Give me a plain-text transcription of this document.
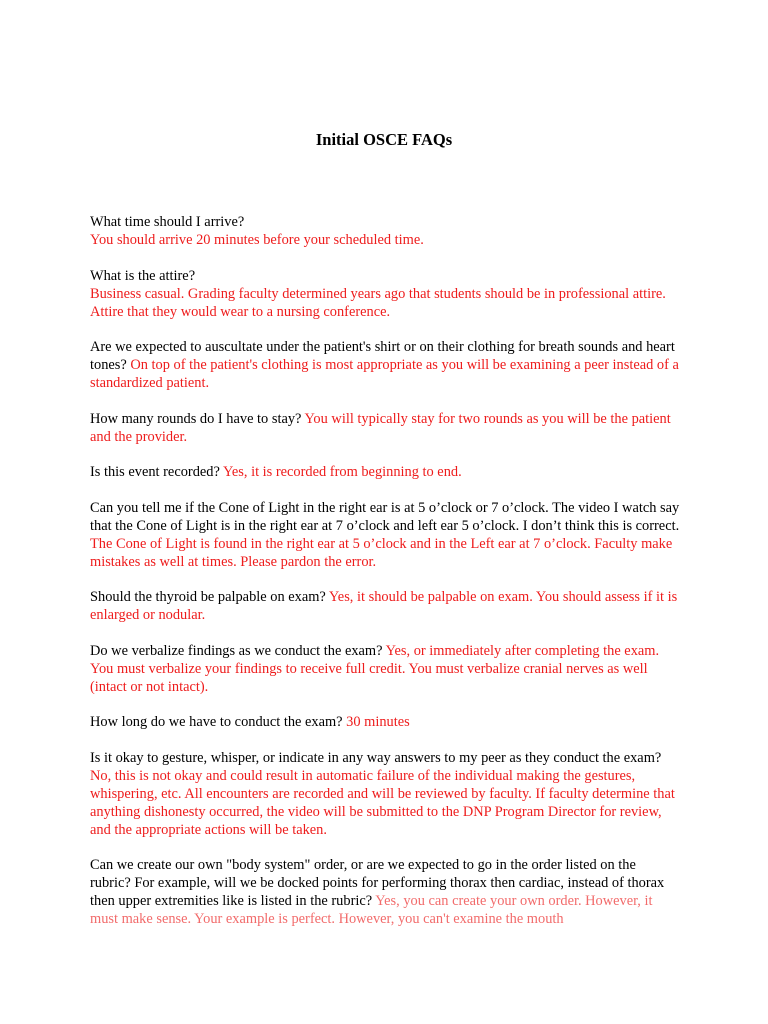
Initial OSCE FAQs

What time should I arrive?
You should arrive 20 minutes before your scheduled time.

What is the attire?
Business casual. Grading faculty determined years ago that students should be in professional attire. Attire that they would wear to a nursing conference.

Are we expected to auscultate under the patient's shirt or on their clothing for breath sounds and heart tones? On top of the patient's clothing is most appropriate as you will be examining a peer instead of a standardized patient.

How many rounds do I have to stay? You will typically stay for two rounds as you will be the patient and the provider.

Is this event recorded? Yes, it is recorded from beginning to end.

Can you tell me if the Cone of Light in the right ear is at 5 o’clock or 7 o’clock. The video I watch say that the Cone of Light is in the right ear at 7 o’clock and left ear 5 o’clock. I don’t think this is correct. The Cone of Light is found in the right ear at 5 o’clock and in the Left ear at 7 o’clock. Faculty make mistakes as well at times. Please pardon the error.

Should the thyroid be palpable on exam? Yes, it should be palpable on exam. You should assess if it is enlarged or nodular.

Do we verbalize findings as we conduct the exam? Yes, or immediately after completing the exam. You must verbalize your findings to receive full credit. You must verbalize cranial nerves as well (intact or not intact).

How long do we have to conduct the exam? 30 minutes

Is it okay to gesture, whisper, or indicate in any way answers to my peer as they conduct the exam? No, this is not okay and could result in automatic failure of the individual making the gestures, whispering, etc. All encounters are recorded and will be reviewed by faculty. If faculty determine that anything dishonesty occurred, the video will be submitted to the DNP Program Director for review, and the appropriate actions will be taken.

Can we create our own "body system" order, or are we expected to go in the order listed on the rubric? For example, will we be docked points for performing thorax then cardiac, instead of thorax then upper extremities like is listed in the rubric? Yes, you can create your own order. However, it must make sense. Your example is perfect. However, you can't examine the mouth
